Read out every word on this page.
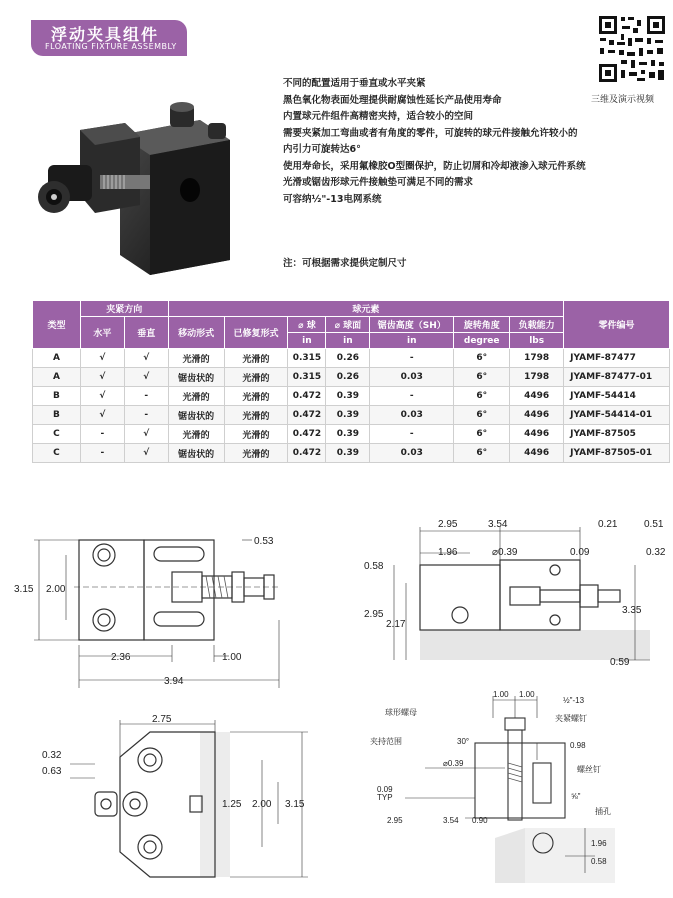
浮动夹具组件
FLOATING FIXTURE ASSEMBLY
三维及演示视频
不同的配置适用于垂直或水平夹紧
黑色氧化物表面处理提供耐腐蚀性延长产品使用寿命
内置球元件组件高精密夹持，适合较小的空间
需要夹紧加工弯曲或者有角度的零件，可旋转的球元件接触允许较小的
内引力可旋转达6°
使用寿命长，采用氟橡胶O型圈保护，防止切屑和冷却液渗入球元件系统
光滑或锯齿形球元件接触垫可满足不同的需求
可容纳½"-13电网系统
注：可根据需求提供定制尺寸
类型	夹紧方向		球元素							零件编号
	水平	垂直	移动形式	已修复形式	⌀ 球	⌀ 球面	锯齿高度（SH）	旋转角度	负载能力	
					in	in	in	degree	lbs	
A	√	√	光滑的	光滑的	0.315	0.26	-	6°	1798	JYAMF-87477
A	√	√	锯齿状的	光滑的	0.315	0.26	0.03	6°	1798	JYAMF-87477-01
B	√	-	光滑的	光滑的	0.472	0.39	-	6°	4496	JYAMF-54414
B	√	-	锯齿状的	光滑的	0.472	0.39	0.03	6°	4496	JYAMF-54414-01
C	-	√	光滑的	光滑的	0.472	0.39	-	6°	4496	JYAMF-87505
C	-	√	锯齿状的	光滑的	0.472	0.39	0.03	6°	4496	JYAMF-87505-01
0.53
3.15 2.00
2.36	1.00
3.94
2.95	3.54	0.21	0.51
1.96	⌀0.39	0.09	0.32
0.58
2.95
2.17
3.35
0.59
2.75
0.32
0.63
1.25 2.00 3.15
1.00 1.00
½"-13
球形螺母
夹紧螺钉
30°
夹持范围	0.98
⌀0.39
螺丝钉
0.09
TYP	⅝"
插孔
2.95	3.54 0.90
1.96
0.58
